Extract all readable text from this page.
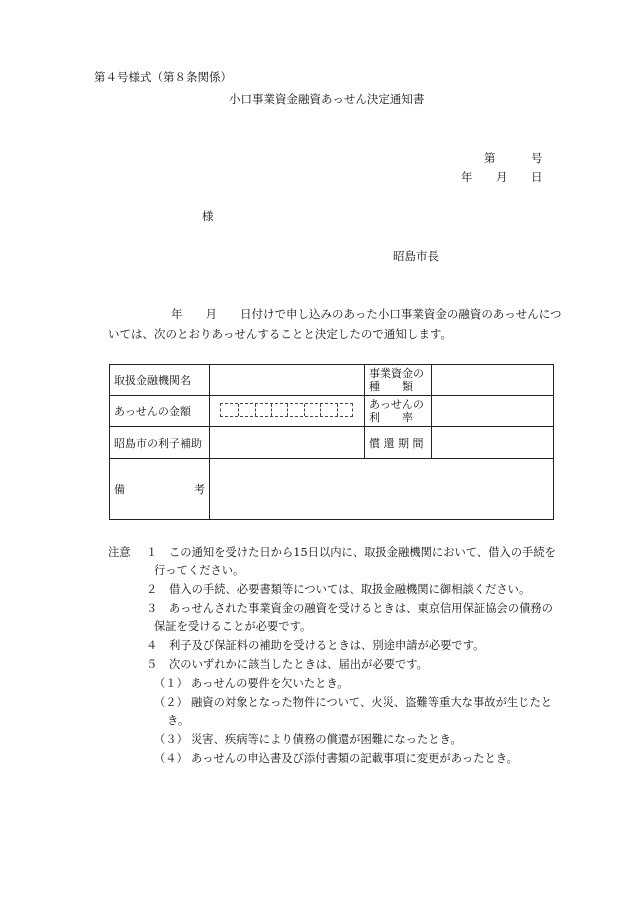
第４号様式（第８条関係）
小口事業資金融資あっせん決定通知書
第	号
年 月 日
様
昭島市長
年　　月　　日付けで申し込みのあった小口事業資金の融資のあっせんにつ
いては、次のとおりあっせんすることと決定したので通知します。
取扱金融機関名		事業資金の
種　　類	
あっせんの金額		あっせんの
利　　率	
昭島市の利子補助		償 還 期 間	

備 考			

注意 １ この通知を受けた日から15日以内に、取扱金融機関において、借入の手続を
行ってください。
２ 借入の手続、必要書類等については、取扱金融機関に御相談ください。
３ あっせんされた事業資金の融資を受けるときは、東京信用保証協会の債務の
保証を受けることが必要です。
４ 利子及び保証料の補助を受けるときは、別途申請が必要です。
５ 次のいずれかに該当したときは、届出が必要です。
（１） あっせんの要件を欠いたとき。
（２） 融資の対象となった物件について、火災、盗難等重大な事故が生じたと
き。
（３） 災害、疾病等により債務の償還が困難になったとき。
（４） あっせんの申込書及び添付書類の記載事項に変更があったとき。
